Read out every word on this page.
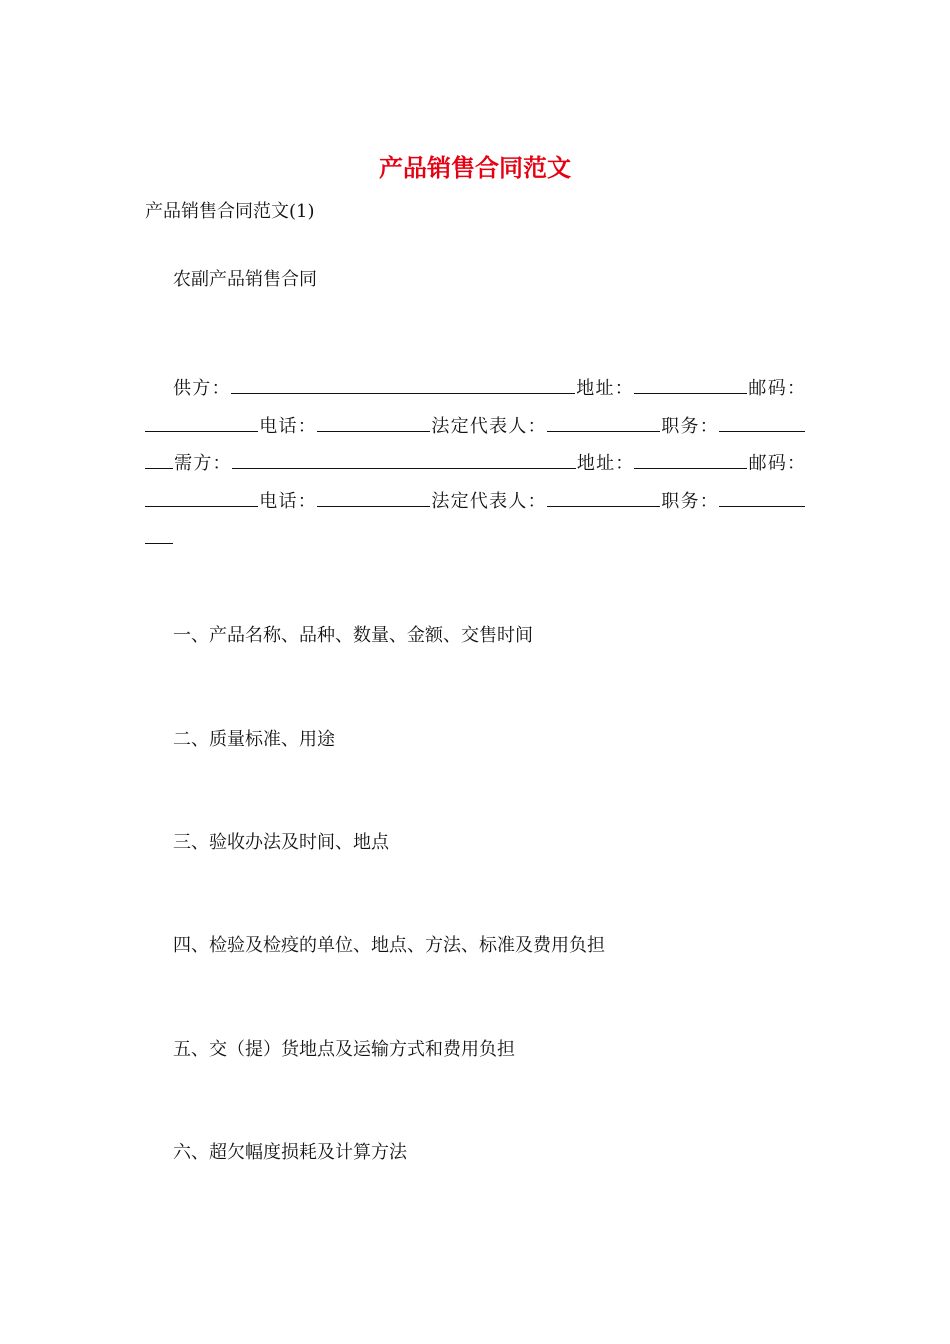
产品销售合同范文
产品销售合同范文(1)
农副产品销售合同
供方：	地址：	邮码：电话：	法定代表人：	职务：需方：	地址：	邮码：电话：	法定代表人：	职务：
一、产品名称、品种、数量、金额、交售时间
二、质量标准、用途
三、验收办法及时间、地点
四、检验及检疫的单位、地点、方法、标准及费用负担
五、交（提）货地点及运输方式和费用负担
六、超欠幅度损耗及计算方法
